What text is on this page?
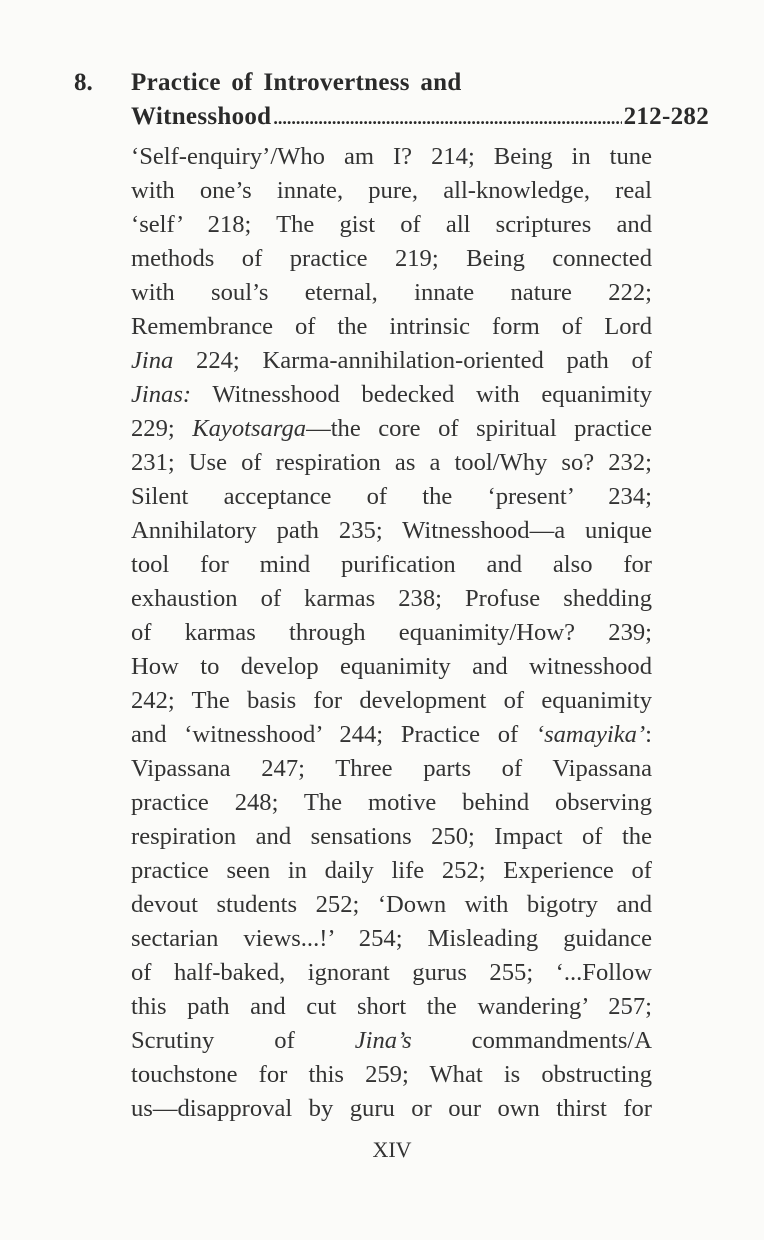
8. Practice of Introvertness and
Witnesshood .....	212-282
‘Self-enquiry’/Who am I? 214; Being in tune
with one’s innate, pure, all-knowledge, real
‘self’ 218; The gist of all scriptures and
methods of practice 219; Being connected
with soul’s eternal, innate nature 222;
Remembrance of the intrinsic form of Lord
Jina 224; Karma-annihilation-oriented path of
Jinas: Witnesshood bedecked with equanimity
229; Kayotsarga—the core of spiritual practice
231; Use of respiration as a tool/Why so? 232;
Silent acceptance of the ‘present’ 234;
Annihilatory path 235; Witnesshood—a unique
tool for mind purification and also for
exhaustion of karmas 238; Profuse shedding
of karmas through equanimity/How? 239;
How to develop equanimity and witnesshood
242; The basis for development of equanimity
and ‘witnesshood’ 244; Practice of ‘samayika’:
Vipassana 247; Three parts of Vipassana
practice 248; The motive behind observing
respiration and sensations 250; Impact of the
practice seen in daily life 252; Experience of
devout students 252; ‘Down with bigotry and
sectarian views...!’ 254; Misleading guidance
of half-baked, ignorant gurus 255; ‘...Follow
this path and cut short the wandering’ 257;
Scrutiny of Jina’s commandments/A
touchstone for this 259; What is obstructing
us—disapproval by guru or our own thirst for
XIV
